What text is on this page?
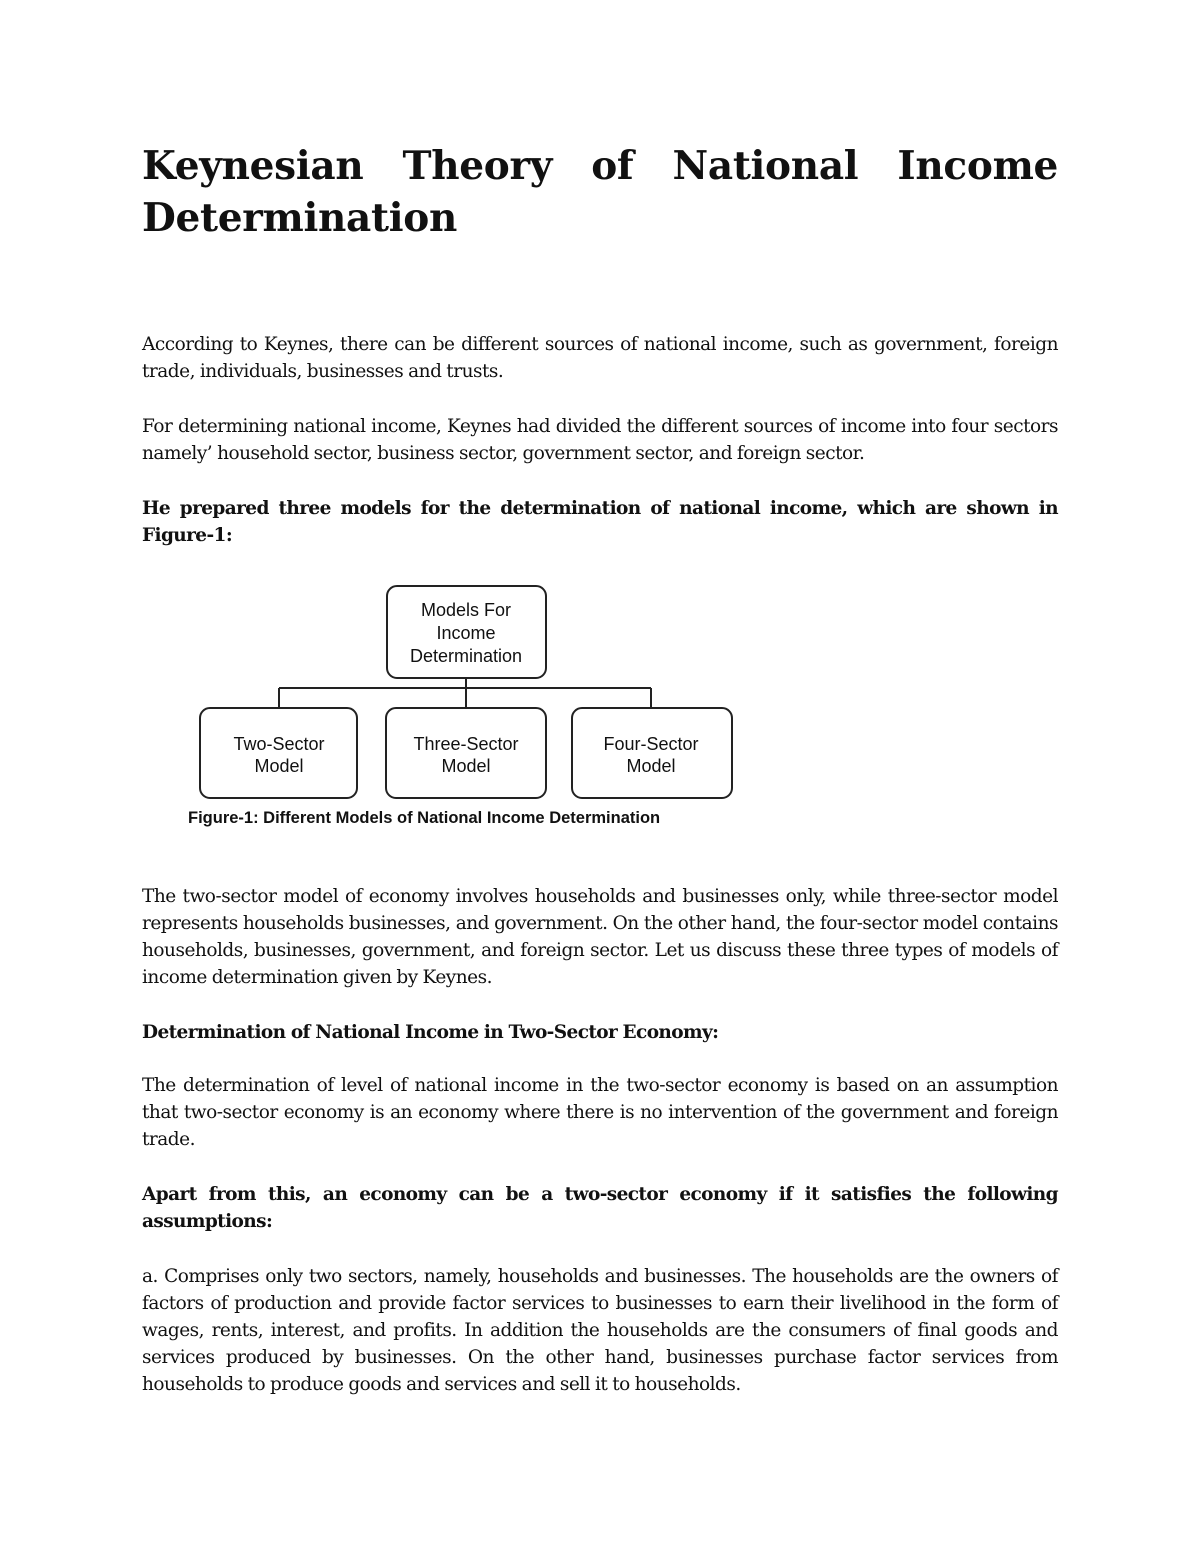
Keynesian Theory of National Income
Determination

According to Keynes, there can be different sources of national income, such as government, foreign trade, individuals, businesses and trusts.

For determining national income, Keynes had divided the different sources of income into four sectors namely’ household sector, business sector, government sector, and foreign sector.

He prepared three models for the determination of national income, which are shown in Figure-1:

Models For
Income
Determination
Two-Sector
Model
Three-Sector
Model
Four-Sector
Model
Figure-1: Different Models of National Income Determination

The two-sector model of economy involves households and businesses only, while three-sector model represents households businesses, and government. On the other hand, the four-sector model contains households, businesses, government, and foreign sector. Let us discuss these three types of models of income determination given by Keynes.

Determination of National Income in Two-Sector Economy:

The determination of level of national income in the two-sector economy is based on an assumption that two-sector economy is an economy where there is no intervention of the government and foreign trade.

Apart from this, an economy can be a two-sector economy if it satisfies the following assumptions:

a. Comprises only two sectors, namely, households and businesses. The households are the owners of factors of production and provide factor services to businesses to earn their livelihood in the form of wages, rents, interest, and profits. In addition the households are the consumers of final goods and services produced by businesses. On the other hand, businesses purchase factor services from households to produce goods and services and sell it to households.
